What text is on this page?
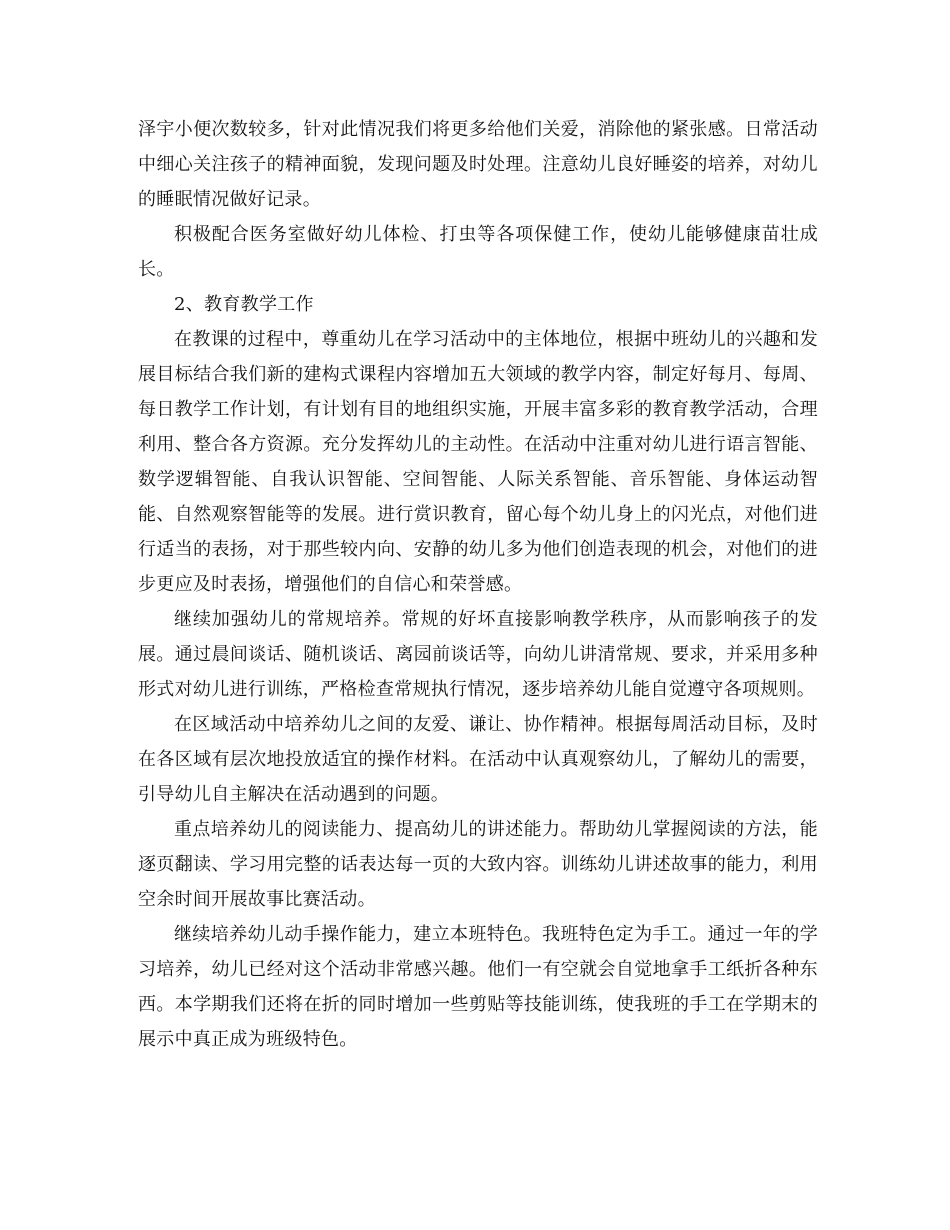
泽宇小便次数较多，针对此情况我们将更多给他们关爱，消除他的紧张感。日常活动中细心关注孩子的精神面貌，发现问题及时处理。注意幼儿良好睡姿的培养，对幼儿的睡眠情况做好记录。

积极配合医务室做好幼儿体检、打虫等各项保健工作，使幼儿能够健康苗壮成长。

2、教育教学工作

在教课的过程中，尊重幼儿在学习活动中的主体地位，根据中班幼儿的兴趣和发展目标结合我们新的建构式课程内容增加五大领域的教学内容，制定好每月、每周、每日教学工作计划，有计划有目的地组织实施，开展丰富多彩的教育教学活动，合理利用、整合各方资源。充分发挥幼儿的主动性。在活动中注重对幼儿进行语言智能、数学逻辑智能、自我认识智能、空间智能、人际关系智能、音乐智能、身体运动智能、自然观察智能等的发展。进行赏识教育，留心每个幼儿身上的闪光点，对他们进行适当的表扬，对于那些较内向、安静的幼儿多为他们创造表现的机会，对他们的进步更应及时表扬，增强他们的自信心和荣誉感。

继续加强幼儿的常规培养。常规的好坏直接影响教学秩序，从而影响孩子的发展。通过晨间谈话、随机谈话、离园前谈话等，向幼儿讲清常规、要求，并采用多种形式对幼儿进行训练，严格检查常规执行情况，逐步培养幼儿能自觉遵守各项规则。

在区域活动中培养幼儿之间的友爱、谦让、协作精神。根据每周活动目标，及时在各区域有层次地投放适宜的操作材料。在活动中认真观察幼儿，了解幼儿的需要，引导幼儿自主解决在活动遇到的问题。

重点培养幼儿的阅读能力、提高幼儿的讲述能力。帮助幼儿掌握阅读的方法，能逐页翻读、学习用完整的话表达每一页的大致内容。训练幼儿讲述故事的能力，利用空余时间开展故事比赛活动。

继续培养幼儿动手操作能力，建立本班特色。我班特色定为手工。通过一年的学习培养，幼儿已经对这个活动非常感兴趣。他们一有空就会自觉地拿手工纸折各种东西。本学期我们还将在折的同时增加一些剪贴等技能训练，使我班的手工在学期末的展示中真正成为班级特色。
